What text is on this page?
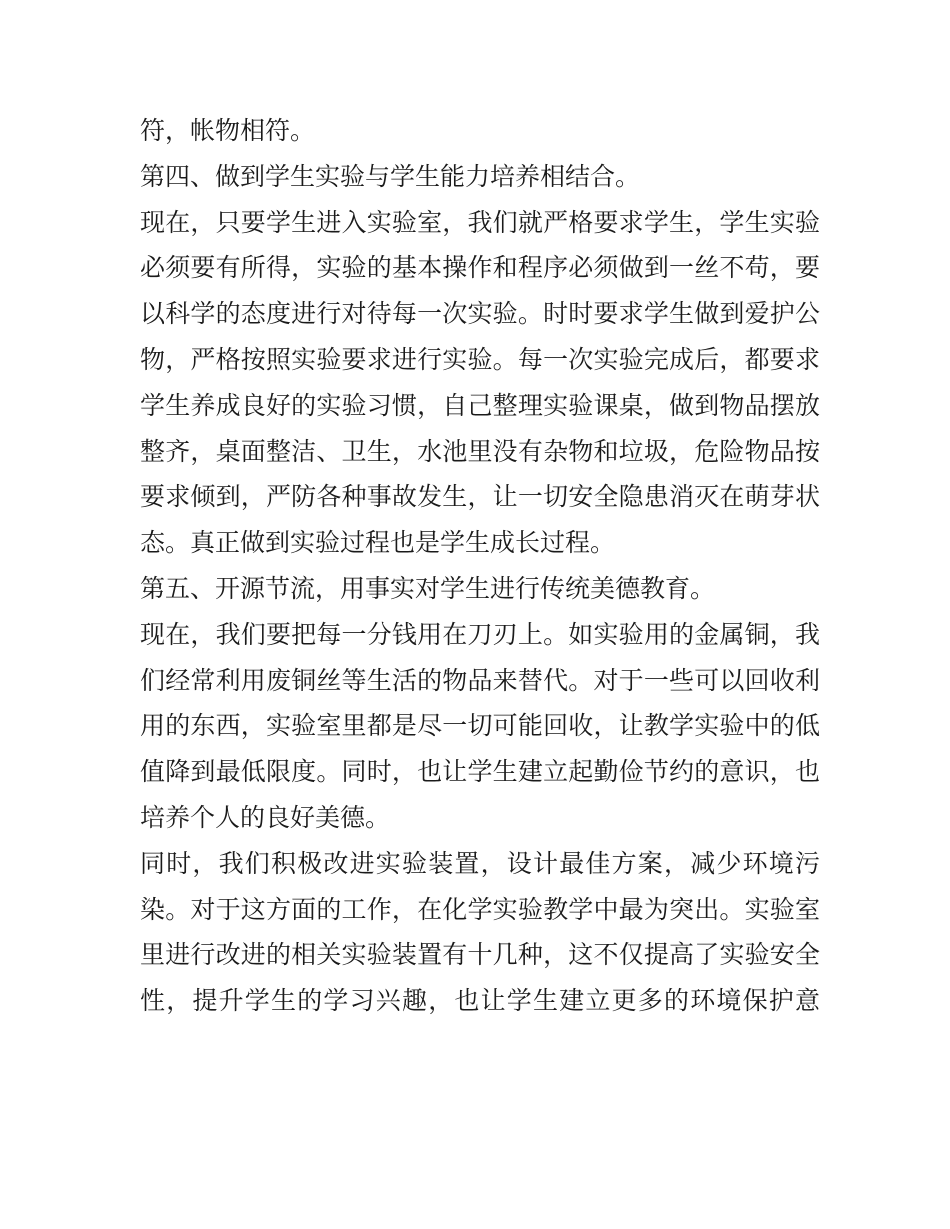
符，帐物相符。
第四、做到学生实验与学生能力培养相结合。
现在，只要学生进入实验室，我们就严格要求学生，学生实验
必须要有所得，实验的基本操作和程序必须做到一丝不苟，要
以科学的态度进行对待每一次实验。时时要求学生做到爱护公
物，严格按照实验要求进行实验。每一次实验完成后，都要求
学生养成良好的实验习惯，自己整理实验课桌，做到物品摆放
整齐，桌面整洁、卫生，水池里没有杂物和垃圾，危险物品按
要求倾到，严防各种事故发生，让一切安全隐患消灭在萌芽状
态。真正做到实验过程也是学生成长过程。
第五、开源节流，用事实对学生进行传统美德教育。
现在，我们要把每一分钱用在刀刃上。如实验用的金属铜，我
们经常利用废铜丝等生活的物品来替代。对于一些可以回收利
用的东西，实验室里都是尽一切可能回收，让教学实验中的低
值降到最低限度。同时，也让学生建立起勤俭节约的意识，也
培养个人的良好美德。
同时，我们积极改进实验装置，设计最佳方案，减少环境污
染。对于这方面的工作，在化学实验教学中最为突出。实验室
里进行改进的相关实验装置有十几种，这不仅提高了实验安全
性，提升学生的学习兴趣，也让学生建立更多的环境保护意
